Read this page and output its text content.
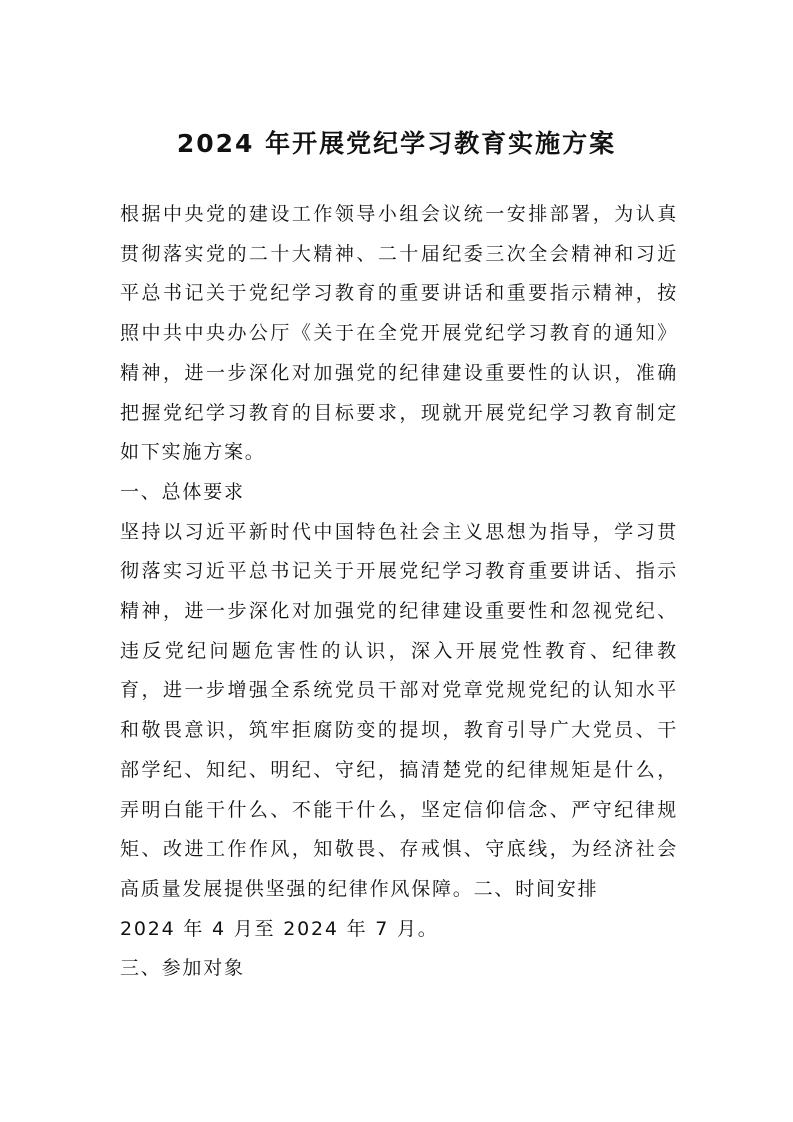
2024 年开展党纪学习教育实施方案

根据中央党的建设工作领导小组会议统一安排部署，为认真贯彻落实党的二十大精神、二十届纪委三次全会精神和习近平总书记关于党纪学习教育的重要讲话和重要指示精神，按照中共中央办公厅《关于在全党开展党纪学习教育的通知》精神，进一步深化对加强党的纪律建设重要性的认识，准确把握党纪学习教育的目标要求，现就开展党纪学习教育制定如下实施方案。

一、总体要求

坚持以习近平新时代中国特色社会主义思想为指导，学习贯彻落实习近平总书记关于开展党纪学习教育重要讲话、指示精神，进一步深化对加强党的纪律建设重要性和忽视党纪、违反党纪问题危害性的认识，深入开展党性教育、纪律教育，进一步增强全系统党员干部对党章党规党纪的认知水平和敬畏意识，筑牢拒腐防变的提坝，教育引导广大党员、干部学纪、知纪、明纪、守纪，搞清楚党的纪律规矩是什么，弄明白能干什么、不能干什么，坚定信仰信念、严守纪律规矩、改进工作作风，知敬畏、存戒惧、守底线，为经济社会高质量发展提供坚强的纪律作风保障。二、时间安排

2024 年 4 月至 2024 年 7 月。

三、参加对象
